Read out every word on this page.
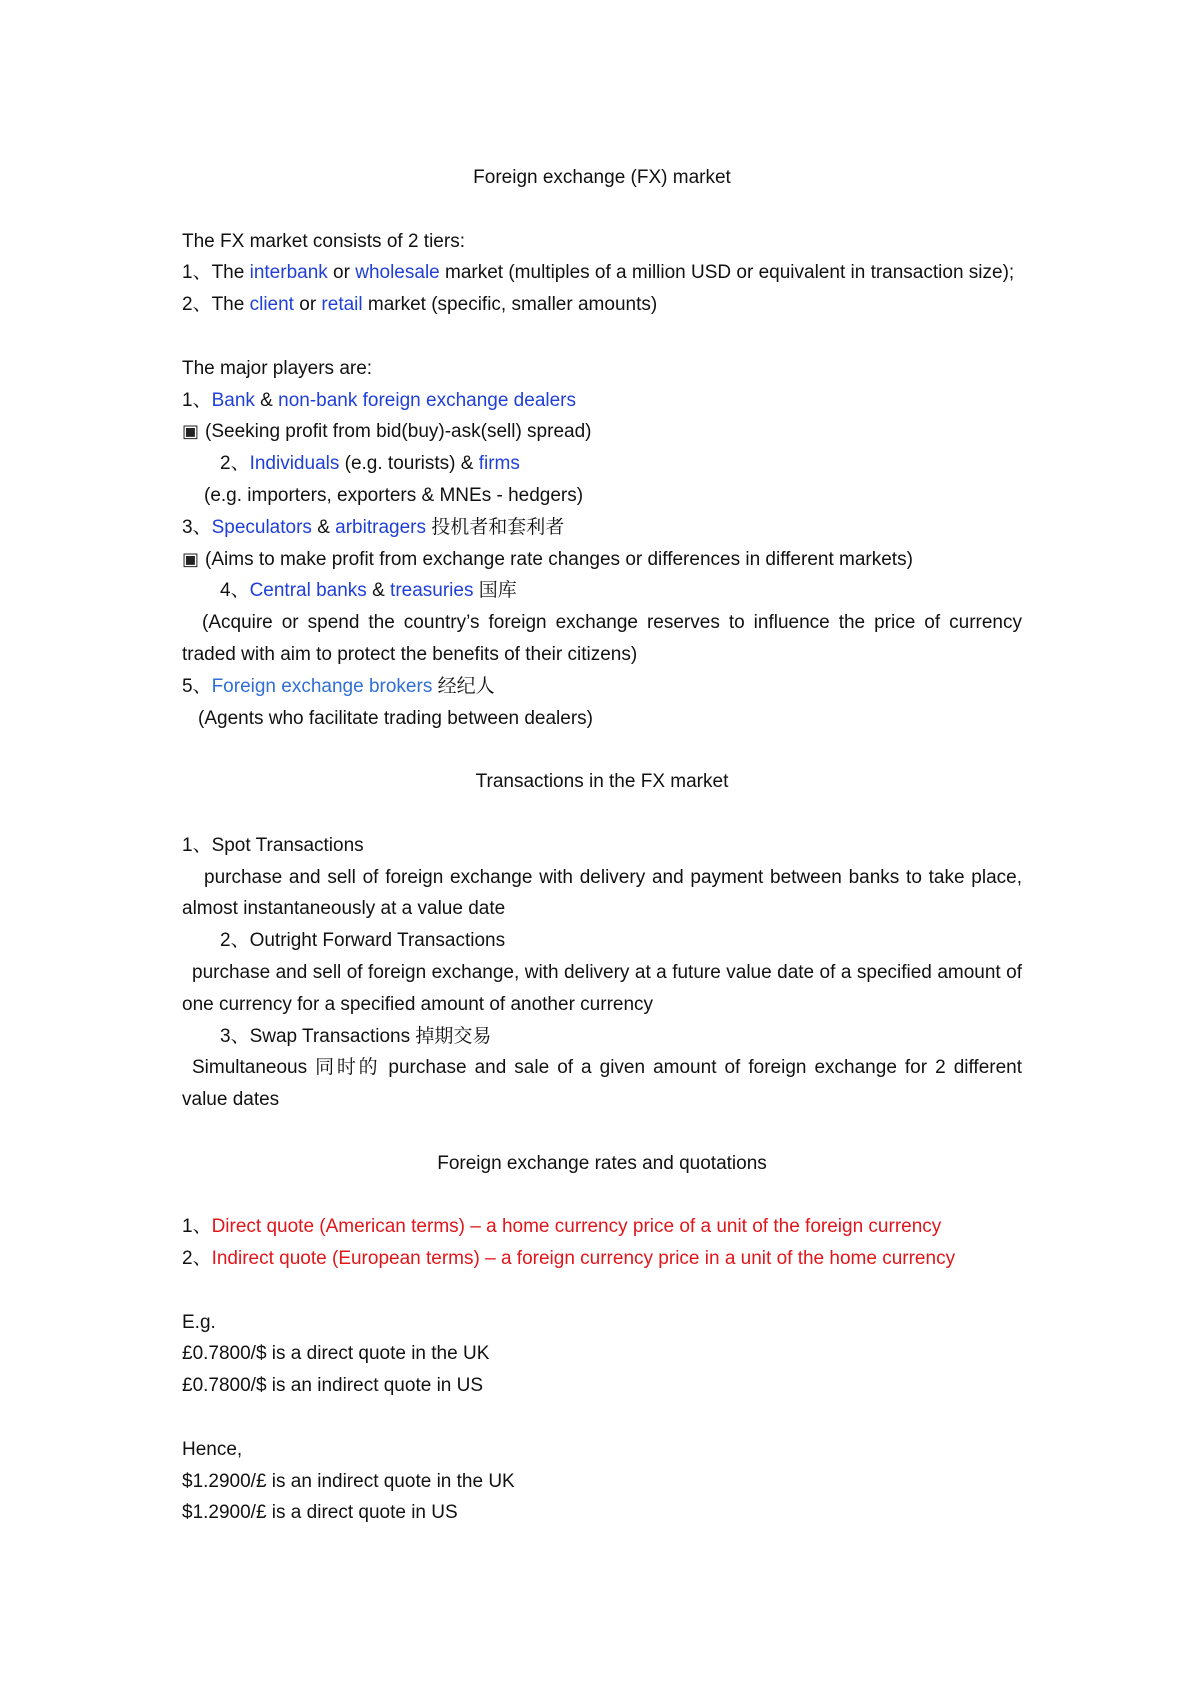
Foreign exchange (FX) market

The FX market consists of 2 tiers:

1、The interbank or wholesale market (multiples of a million USD or equivalent in transaction size);

2、The client or retail market (specific, smaller amounts)

The major players are:

1、Bank & non-bank foreign exchange dealers

▣ (Seeking profit from bid(buy)-ask(sell) spread)

2、Individuals (e.g. tourists) & firms

(e.g. importers, exporters & MNEs - hedgers)

3、Speculators & arbitragers 投机者和套利者

▣ (Aims to make profit from exchange rate changes or differences in different markets)

4、Central banks & treasuries 国库

(Acquire or spend the country’s foreign exchange reserves to influence the price of currency traded with aim to protect the benefits of their citizens)

5、Foreign exchange brokers 经纪人

(Agents who facilitate trading between dealers)

Transactions in the FX market

1、Spot Transactions

purchase and sell of foreign exchange with delivery and payment between banks to take place, almost instantaneously at a value date

2、Outright Forward Transactions

purchase and sell of foreign exchange, with delivery at a future value date of a specified amount of one currency for a specified amount of another currency

3、Swap Transactions 掉期交易

Simultaneous 同时的 purchase and sale of a given amount of foreign exchange for 2 different value dates

Foreign exchange rates and quotations

1、Direct quote (American terms) – a home currency price of a unit of the foreign currency

2、Indirect quote (European terms) – a foreign currency price in a unit of the home currency

E.g.

£0.7800/$ is a direct quote in the UK

£0.7800/$ is an indirect quote in US

Hence,

$1.2900/£ is an indirect quote in the UK

$1.2900/£ is a direct quote in US
